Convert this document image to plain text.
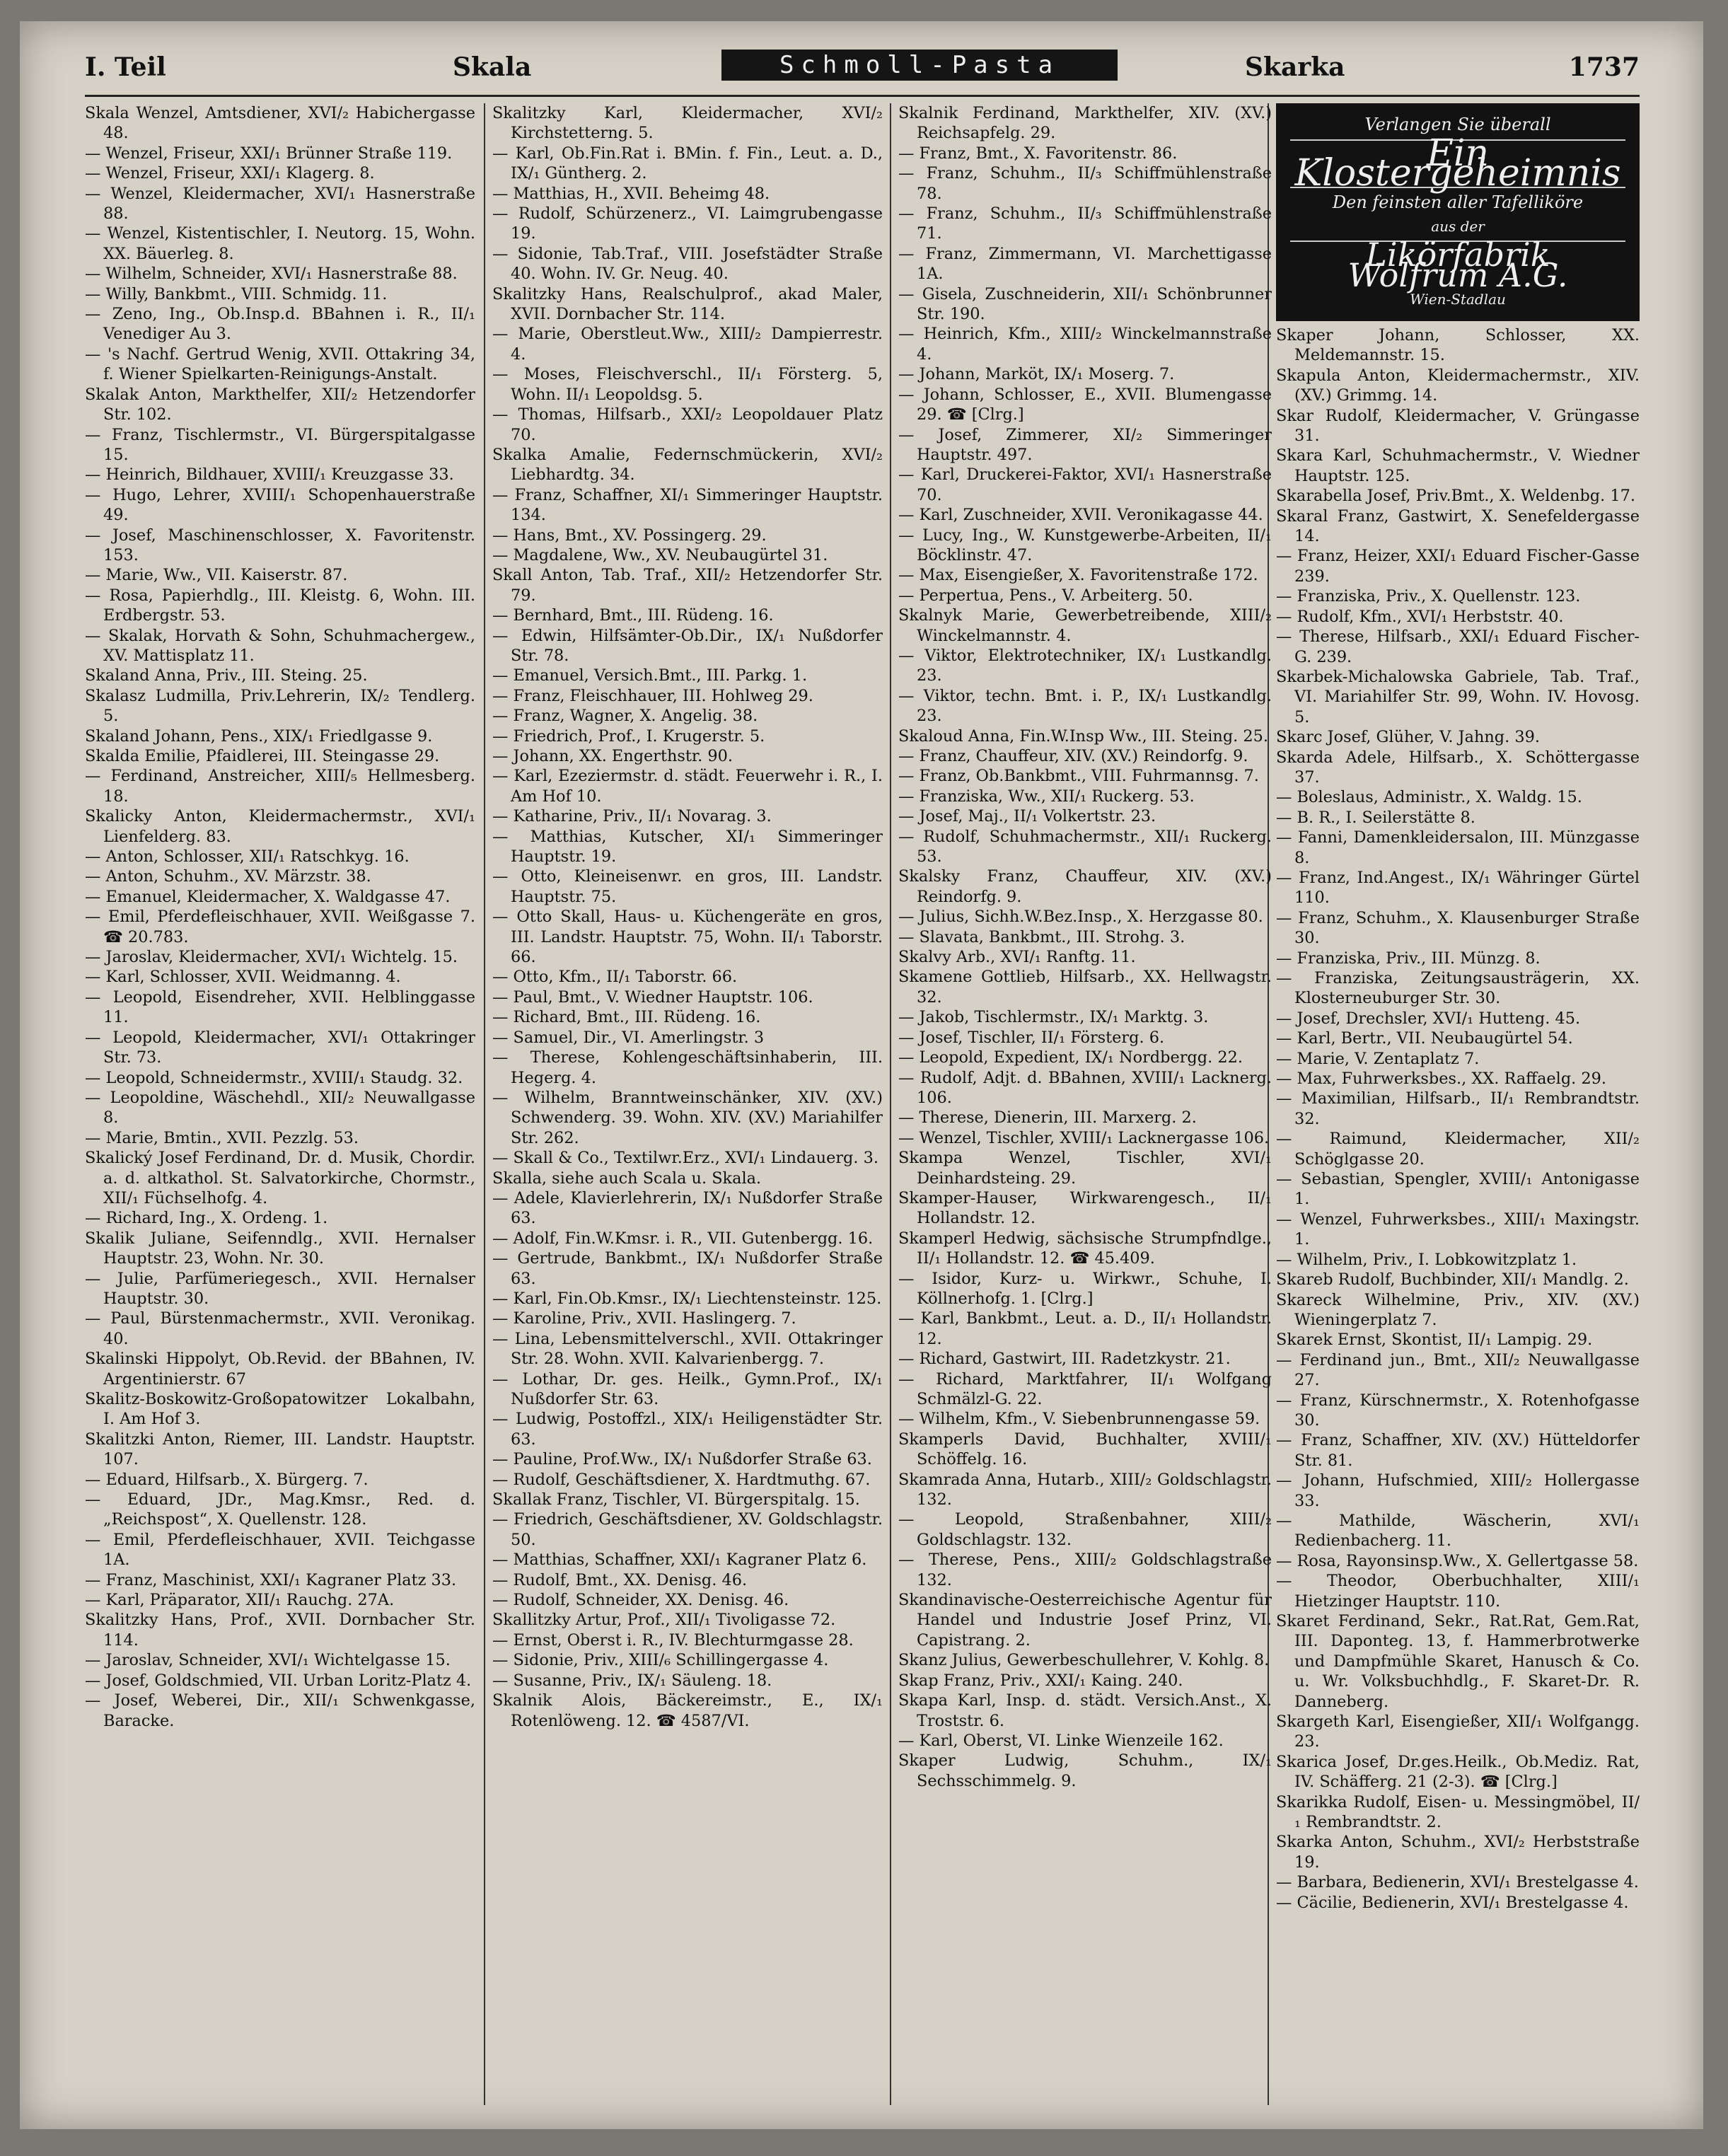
I. Teil	Skala	Schmoll-Pasta	Skarka	1737

Skala Wenzel, Amtsdiener, XVI/₂ Habichergasse 48.

— Wenzel, Friseur, XXI/₁ Brünner Straße 119.

— Wenzel, Friseur, XXI/₁ Klagerg. 8.

— Wenzel, Kleidermacher, XVI/₁ Hasnerstraße 88.

— Wenzel, Kistentischler, I. Neutorg. 15, Wohn. XX. Bäuerleg. 8.

— Wilhelm, Schneider, XVI/₁ Hasnerstraße 88.

— Willy, Bankbmt., VIII. Schmidg. 11.

— Zeno, Ing., Ob.Insp.d. BBahnen i. R., II/₁ Venediger Au 3.

— 's Nachf. Gertrud Wenig, XVII. Ottakring 34, f. Wiener Spielkarten-Reinigungs-Anstalt.

Skalak Anton, Markthelfer, XII/₂ Hetzendorfer Str. 102.

— Franz, Tischlermstr., VI. Bürgerspitalgasse 15.

— Heinrich, Bildhauer, XVIII/₁ Kreuzgasse 33.

— Hugo, Lehrer, XVIII/₁ Schopenhauerstraße 49.

— Josef, Maschinenschlosser, X. Favoritenstr. 153.

— Marie, Ww., VII. Kaiserstr. 87.

— Rosa, Papierhdlg., III. Kleistg. 6, Wohn. III. Erdbergstr. 53.

— Skalak, Horvath & Sohn, Schuhmachergew., XV. Mattisplatz 11.

Skaland Anna, Priv., III. Steing. 25.

Skalasz Ludmilla, Priv.Lehrerin, IX/₂ Tendlerg. 5.

Skaland Johann, Pens., XIX/₁ Friedlgasse 9.

Skalda Emilie, Pfaidlerei, III. Steingasse 29.

— Ferdinand, Anstreicher, XIII/₅ Hellmesberg. 18.

Skalicky Anton, Kleidermachermstr., XVI/₁ Lienfelderg. 83.

— Anton, Schlosser, XII/₁ Ratschkyg. 16.

— Anton, Schuhm., XV. Märzstr. 38.

— Emanuel, Kleidermacher, X. Waldgasse 47.

— Emil, Pferdefleischhauer, XVII. Weißgasse 7. ☎ 20.783.

— Jaroslav, Kleidermacher, XVI/₁ Wichtelg. 15.

— Karl, Schlosser, XVII. Weidmanng. 4.

— Leopold, Eisendreher, XVII. Helblinggasse 11.

— Leopold, Kleidermacher, XVI/₁ Ottakringer Str. 73.

— Leopold, Schneidermstr., XVIII/₁ Staudg. 32.

— Leopoldine, Wäschehdl., XII/₂ Neuwallgasse 8.

— Marie, Bmtin., XVII. Pezzlg. 53.

Skalický Josef Ferdinand, Dr. d. Musik, Chordir. a. d. altkathol. St. Salvatorkirche, Chormstr., XII/₁ Füchselhofg. 4.

— Richard, Ing., X. Ordeng. 1.

Skalik Juliane, Seifenndlg., XVII. Hernalser Hauptstr. 23, Wohn. Nr. 30.

— Julie, Parfümeriegesch., XVII. Hernalser Hauptstr. 30.

— Paul, Bürstenmachermstr., XVII. Veronikag. 40.

Skalinski Hippolyt, Ob.Revid. der BBahnen, IV. Argentinierstr. 67

Skalitz-Boskowitz-Großopatowitzer Lokalbahn, I. Am Hof 3.

Skalitzki Anton, Riemer, III. Landstr. Hauptstr. 107.

— Eduard, Hilfsarb., X. Bürgerg. 7.

— Eduard, JDr., Mag.Kmsr., Red. d. „Reichspost“, X. Quellenstr. 128.

— Emil, Pferdefleischhauer, XVII. Teichgasse 1A.

— Franz, Maschinist, XXI/₁ Kagraner Platz 33.

— Karl, Präparator, XII/₁ Rauchg. 27A.

Skalitzky Hans, Prof., XVII. Dornbacher Str. 114.

— Jaroslav, Schneider, XVI/₁ Wichtelgasse 15.

— Josef, Goldschmied, VII. Urban Loritz-Platz 4.

— Josef, Weberei, Dir., XII/₁ Schwenkgasse, Baracke.

Skalitzky Karl, Kleidermacher, XVI/₂ Kirchstetterng. 5.

— Karl, Ob.Fin.Rat i. BMin. f. Fin., Leut. a. D., IX/₁ Güntherg. 2.

— Matthias, H., XVII. Beheimg 48.

— Rudolf, Schürzenerz., VI. Laimgrubengasse 19.

— Sidonie, Tab.Traf., VIII. Josefstädter Straße 40. Wohn. IV. Gr. Neug. 40.

Skalitzky Hans, Realschulprof., akad Maler, XVII. Dornbacher Str. 114.

— Marie, Oberstleut.Ww., XIII/₂ Dampierrestr. 4.

— Moses, Fleischverschl., II/₁ Försterg. 5, Wohn. II/₁ Leopoldsg. 5.

— Thomas, Hilfsarb., XXI/₂ Leopoldauer Platz 70.

Skalka Amalie, Federnschmückerin, XVI/₂ Liebhardtg. 34.

— Franz, Schaffner, XI/₁ Simmeringer Hauptstr. 134.

— Hans, Bmt., XV. Possingerg. 29.

— Magdalene, Ww., XV. Neubaugürtel 31.

Skall Anton, Tab. Traf., XII/₂ Hetzendorfer Str. 79.

— Bernhard, Bmt., III. Rüdeng. 16.

— Edwin, Hilfsämter-Ob.Dir., IX/₁ Nußdorfer Str. 78.

— Emanuel, Versich.Bmt., III. Parkg. 1.

— Franz, Fleischhauer, III. Hohlweg 29.

— Franz, Wagner, X. Angelig. 38.

— Friedrich, Prof., I. Krugerstr. 5.

— Johann, XX. Engerthstr. 90.

— Karl, Ezeziermstr. d. städt. Feuerwehr i. R., I. Am Hof 10.

— Katharine, Priv., II/₁ Novarag. 3.

— Matthias, Kutscher, XI/₁ Simmeringer Hauptstr. 19.

— Otto, Kleineisenwr. en gros, III. Landstr. Hauptstr. 75.

— Otto Skall, Haus- u. Küchengeräte en gros, III. Landstr. Hauptstr. 75, Wohn. II/₁ Taborstr. 66.

— Otto, Kfm., II/₁ Taborstr. 66.

— Paul, Bmt., V. Wiedner Hauptstr. 106.

— Richard, Bmt., III. Rüdeng. 16.

— Samuel, Dir., VI. Amerlingstr. 3

— Therese, Kohlengeschäftsinhaberin, III. Hegerg. 4.

— Wilhelm, Branntweinschänker, XIV. (XV.) Schwenderg. 39. Wohn. XIV. (XV.) Mariahilfer Str. 262.

— Skall & Co., Textilwr.Erz., XVI/₁ Lindauerg. 3.

Skalla, siehe auch Scala u. Skala.

— Adele, Klavierlehrerin, IX/₁ Nußdorfer Straße 63.

— Adolf, Fin.W.Kmsr. i. R., VII. Gutenbergg. 16.

— Gertrude, Bankbmt., IX/₁ Nußdorfer Straße 63.

— Karl, Fin.Ob.Kmsr., IX/₁ Liechtensteinstr. 125.

— Karoline, Priv., XVII. Haslingerg. 7.

— Lina, Lebensmittelverschl., XVII. Ottakringer Str. 28. Wohn. XVII. Kalvarienbergg. 7.

— Lothar, Dr. ges. Heilk., Gymn.Prof., IX/₁ Nußdorfer Str. 63.

— Ludwig, Postoffzl., XIX/₁ Heiligenstädter Str. 63.

— Pauline, Prof.Ww., IX/₁ Nußdorfer Straße 63.

— Rudolf, Geschäftsdiener, X. Hardtmuthg. 67.

Skallak Franz, Tischler, VI. Bürgerspitalg. 15.

— Friedrich, Geschäftsdiener, XV. Goldschlagstr. 50.

— Matthias, Schaffner, XXI/₁ Kagraner Platz 6.

— Rudolf, Bmt., XX. Denisg. 46.

— Rudolf, Schneider, XX. Denisg. 46.

Skallitzky Artur, Prof., XII/₁ Tivoligasse 72.

— Ernst, Oberst i. R., IV. Blechturmgasse 28.

— Sidonie, Priv., XIII/₆ Schillingergasse 4.

— Susanne, Priv., IX/₁ Säuleng. 18.

Skalnik Alois, Bäckereimstr., E., IX/₁ Rotenlöweng. 12. ☎ 4587/VI.

Skalnik Ferdinand, Markthelfer, XIV. (XV.) Reichsapfelg. 29.

— Franz, Bmt., X. Favoritenstr. 86.

— Franz, Schuhm., II/₃ Schiffmühlenstraße 78.

— Franz, Schuhm., II/₃ Schiffmühlenstraße 71.

— Franz, Zimmermann, VI. Marchettigasse 1A.

— Gisela, Zuschneiderin, XII/₁ Schönbrunner Str. 190.

— Heinrich, Kfm., XIII/₂ Winckelmannstraße 4.

— Johann, Marköt, IX/₁ Moserg. 7.

— Johann, Schlosser, E., XVII. Blumengasse 29. ☎ [Clrg.]

— Josef, Zimmerer, XI/₂ Simmeringer Hauptstr. 497.

— Karl, Druckerei-Faktor, XVI/₁ Hasnerstraße 70.

— Karl, Zuschneider, XVII. Veronikagasse 44.

— Lucy, Ing., W. Kunstgewerbe-Arbeiten, II/₁ Böcklinstr. 47.

— Max, Eisengießer, X. Favoritenstraße 172.

— Perpertua, Pens., V. Arbeiterg. 50.

Skalnyk Marie, Gewerbetreibende, XIII/₂ Winckelmannstr. 4.

— Viktor, Elektrotechniker, IX/₁ Lustkandlg. 23.

— Viktor, techn. Bmt. i. P., IX/₁ Lustkandlg. 23.

Skaloud Anna, Fin.W.Insp Ww., III. Steing. 25.

— Franz, Chauffeur, XIV. (XV.) Reindorfg. 9.

— Franz, Ob.Bankbmt., VIII. Fuhrmannsg. 7.

— Franziska, Ww., XII/₁ Ruckerg. 53.

— Josef, Maj., II/₁ Volkertstr. 23.

— Rudolf, Schuhmachermstr., XII/₁ Ruckerg. 53.

Skalsky Franz, Chauffeur, XIV. (XV.) Reindorfg. 9.

— Julius, Sichh.W.Bez.Insp., X. Herzgasse 80.

— Slavata, Bankbmt., III. Strohg. 3.

Skalvy Arb., XVI/₁ Ranftg. 11.

Skamene Gottlieb, Hilfsarb., XX. Hellwagstr. 32.

— Jakob, Tischlermstr., IX/₁ Marktg. 3.

— Josef, Tischler, II/₁ Försterg. 6.

— Leopold, Expedient, IX/₁ Nordbergg. 22.

— Rudolf, Adjt. d. BBahnen, XVIII/₁ Lacknerg. 106.

— Therese, Dienerin, III. Marxerg. 2.

— Wenzel, Tischler, XVIII/₁ Lacknergasse 106.

Skampa Wenzel, Tischler, XVI/₁ Deinhardsteing. 29.

Skamper-Hauser, Wirkwarengesch., II/₁ Hollandstr. 12.

Skamperl Hedwig, sächsische Strumpfndlge., II/₁ Hollandstr. 12. ☎ 45.409.

— Isidor, Kurz- u. Wirkwr., Schuhe, I. Köllnerhofg. 1. [Clrg.]

— Karl, Bankbmt., Leut. a. D., II/₁ Hollandstr. 12.

— Richard, Gastwirt, III. Radetzkystr. 21.

— Richard, Marktfahrer, II/₁ Wolfgang Schmälzl-G. 22.

— Wilhelm, Kfm., V. Siebenbrunnengasse 59.

Skamperls David, Buchhalter, XVIII/₁ Schöffelg. 16.

Skamrada Anna, Hutarb., XIII/₂ Goldschlagstr. 132.

— Leopold, Straßenbahner, XIII/₂ Goldschlagstr. 132.

— Therese, Pens., XIII/₂ Goldschlagstraße 132.

Skandinavische-Oesterreichische Agentur für Handel und Industrie Josef Prinz, VI. Capistrang. 2.

Skanz Julius, Gewerbeschullehrer, V. Kohlg. 8.

Skap Franz, Priv., XXI/₁ Kaing. 240.

Skapa Karl, Insp. d. städt. Versich.Anst., X. Troststr. 6.

— Karl, Oberst, VI. Linke Wienzeile 162.

Skaper Ludwig, Schuhm., IX/₁ Sechsschimmelg. 9.

Verlangen Sie überall
Ein Klostergeheimnis
Den feinsten aller Tafelliköre
aus der
Likörfabrik Wolfrum A.G.
Wien-Stadlau

Skaper Johann, Schlosser, XX. Meldemannstr. 15.

Skapula Anton, Kleidermachermstr., XIV. (XV.) Grimmg. 14.

Skar Rudolf, Kleidermacher, V. Grüngasse 31.

Skara Karl, Schuhmachermstr., V. Wiedner Hauptstr. 125.

Skarabella Josef, Priv.Bmt., X. Weldenbg. 17.

Skaral Franz, Gastwirt, X. Senefeldergasse 14.

— Franz, Heizer, XXI/₁ Eduard Fischer-Gasse 239.

— Franziska, Priv., X. Quellenstr. 123.

— Rudolf, Kfm., XVI/₁ Herbststr. 40.

— Therese, Hilfsarb., XXI/₁ Eduard Fischer-G. 239.

Skarbek-Michalowska Gabriele, Tab. Traf., VI. Mariahilfer Str. 99, Wohn. IV. Hovosg. 5.

Skarc Josef, Glüher, V. Jahng. 39.

Skarda Adele, Hilfsarb., X. Schöttergasse 37.

— Boleslaus, Administr., X. Waldg. 15.

— B. R., I. Seilerstätte 8.

— Fanni, Damenkleidersalon, III. Münzgasse 8.

— Franz, Ind.Angest., IX/₁ Währinger Gürtel 110.

— Franz, Schuhm., X. Klausenburger Straße 30.

— Franziska, Priv., III. Münzg. 8.

— Franziska, Zeitungsausträgerin, XX. Klosterneuburger Str. 30.

— Josef, Drechsler, XVI/₁ Hutteng. 45.

— Karl, Bertr., VII. Neubaugürtel 54.

— Marie, V. Zentaplatz 7.

— Max, Fuhrwerksbes., XX. Raffaelg. 29.

— Maximilian, Hilfsarb., II/₁ Rembrandtstr. 32.

— Raimund, Kleidermacher, XII/₂ Schöglgasse 20.

— Sebastian, Spengler, XVIII/₁ Antonigasse 1.

— Wenzel, Fuhrwerksbes., XIII/₁ Maxingstr. 1.

— Wilhelm, Priv., I. Lobkowitzplatz 1.

Skareb Rudolf, Buchbinder, XII/₁ Mandlg. 2.

Skareck Wilhelmine, Priv., XIV. (XV.) Wieningerplatz 7.

Skarek Ernst, Skontist, II/₁ Lampig. 29.

— Ferdinand jun., Bmt., XII/₂ Neuwallgasse 27.

— Franz, Kürschnermstr., X. Rotenhofgasse 30.

— Franz, Schaffner, XIV. (XV.) Hütteldorfer Str. 81.

— Johann, Hufschmied, XIII/₂ Hollergasse 33.

— Mathilde, Wäscherin, XVI/₁ Redienbacherg. 11.

— Rosa, Rayonsinsp.Ww., X. Gellertgasse 58.

— Theodor, Oberbuchhalter, XIII/₁ Hietzinger Hauptstr. 110.

Skaret Ferdinand, Sekr., Rat.Rat, Gem.Rat, III. Daponteg. 13, f. Hammerbrotwerke und Dampfmühle Skaret, Hanusch & Co. u. Wr. Volksbuchhdlg., F. Skaret-Dr. R. Danneberg.

Skargeth Karl, Eisengießer, XII/₁ Wolfgangg. 23.

Skarica Josef, Dr.ges.Heilk., Ob.Mediz. Rat, IV. Schäfferg. 21 (2-3). ☎ [Clrg.]

Skarikka Rudolf, Eisen- u. Messingmöbel, II/₁ Rembrandtstr. 2.

Skarka Anton, Schuhm., XVI/₂ Herbststraße 19.

— Barbara, Bedienerin, XVI/₁ Brestelgasse 4.

— Cäcilie, Bedienerin, XVI/₁ Brestelgasse 4.
